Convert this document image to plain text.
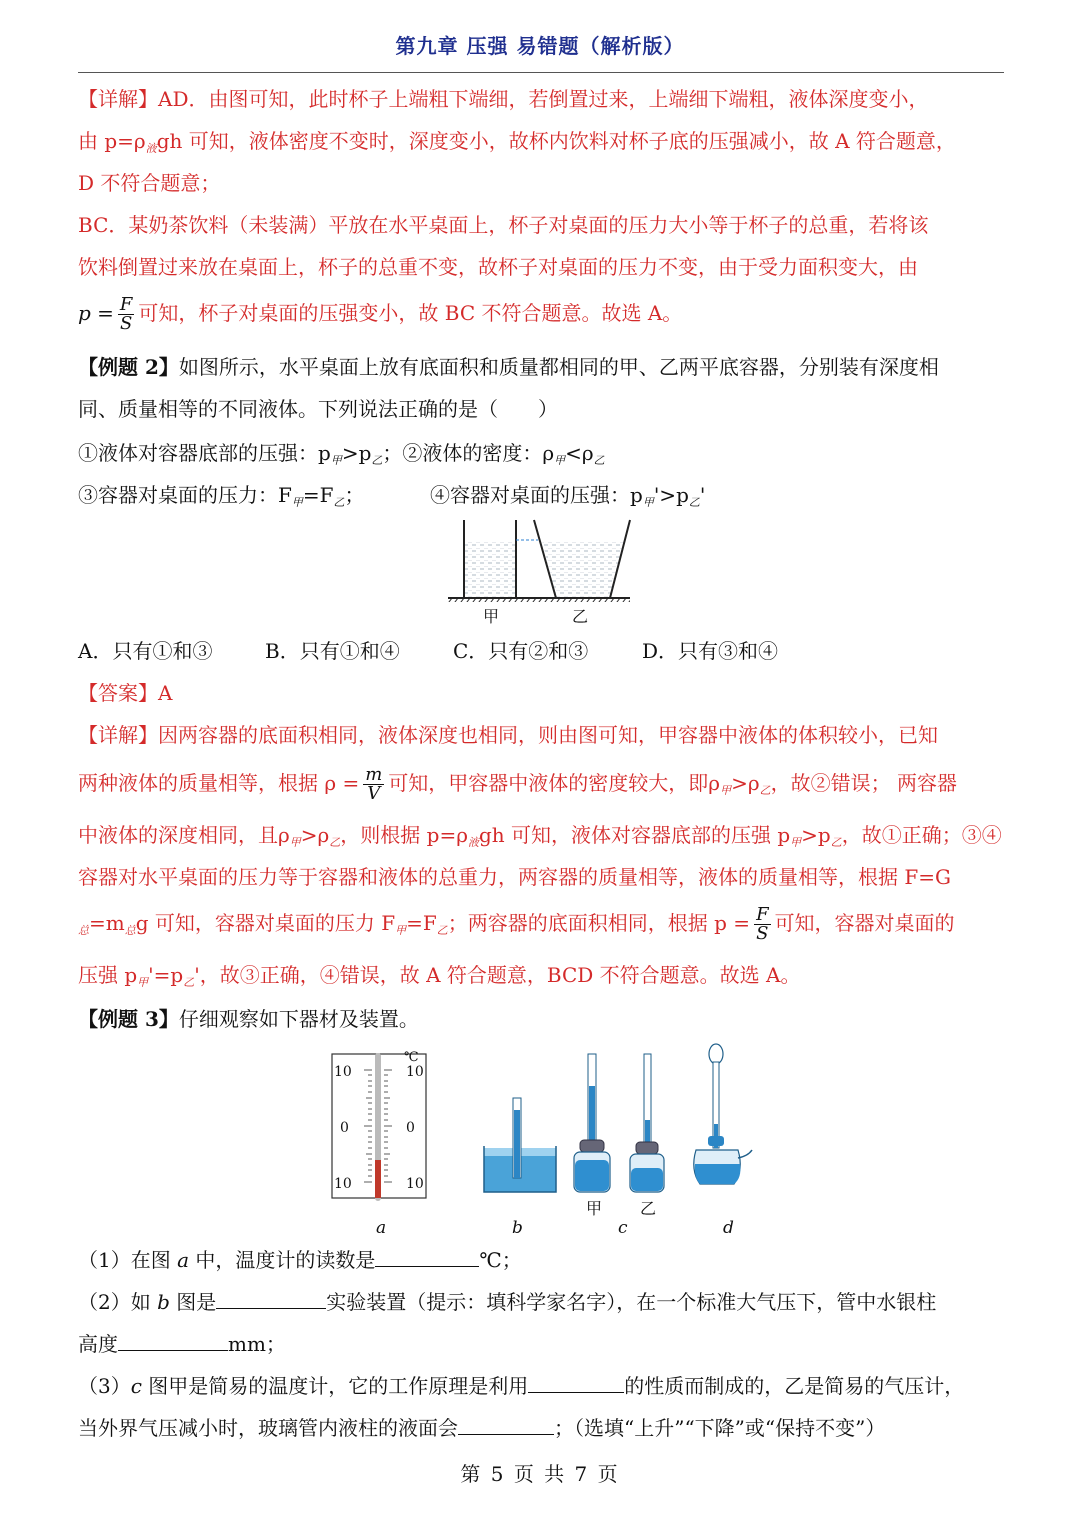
第九章 压强 易错题（解析版）
【详解】AD．由图可知，此时杯子上端粗下端细，若倒置过来，上端细下端粗，液体深度变小，
由 $p=\rho_液gh$ 可知，液体密度不变时，深度变小，故杯内饮料对杯子底的压强减小，故 A 符合题意，
D 不符合题意；
BC．某奶茶饮料（未装满）平放在水平桌面上，杯子对桌面的压力大小等于杯子的总重，若将该
饮料倒置过来放在桌面上，杯子的总重不变，故杯子对桌面的压力不变，由于受力面积变大，由
$p = \frac{F}{S}$ 可知，杯子对桌面的压强变小，故 BC 不符合题意。故选 A。
【例题 2】如图所示，水平桌面上放有底面积和质量都相同的甲、乙两平底容器，分别装有深度相
同、质量相等的不同液体。下列说法正确的是（　　）
①液体对容器底部的压强：$p_甲>p_乙$；②液体的密度：$\rho_甲<\rho_乙$
③容器对桌面的压力：$F_甲=F_乙$；	④容器对桌面的压强：$p_甲'>p_乙'$
甲	乙
A．只有①和③	B．只有①和④	C．只有②和③	D．只有③和④
【答案】A
【详解】因两容器的底面积相同，液体深度也相同，则由图可知，甲容器中液体的体积较小，已知
两种液体的质量相等，根据 $\rho = \frac{m}{V}$ 可知，甲容器中液体的密度较大，即$\rho_甲>\rho_乙$，故②错误； 两容器
中液体的深度相同，且$\rho_甲>\rho_乙$，则根据 $p=\rho_液gh$ 可知，液体对容器底部的压强 $p_甲>p_乙$，故①正确；③④
容器对水平桌面的压力等于容器和液体的总重力，两容器的质量相等，液体的质量相等，根据 F=G
$_总=m_总g$ 可知，容器对桌面的压力 $F_甲=F_乙$；两容器的底面积相同，根据 $p = \frac{F}{S}$ 可知，容器对桌面的
压强 $p_甲'=p_乙'$，故③正确，④错误，故 A 符合题意，BCD 不符合题意。故选 A。
【例题 3】仔细观察如下器材及装置。
℃
10	10
0	0
10	10
甲 乙
a	b	c	d
（1）在图 a 中，温度计的读数是	℃；
（2）如 b 图是	实验装置（提示：填科学家名字），在一个标准大气压下，管中水银柱
高度	mm；
（3）c 图甲是简易的温度计，它的工作原理是利用	的性质而制成的，乙是简易的气压计，
当外界气压减小时，玻璃管内液柱的液面会	；（选填“上升”“下降”或“保持不变”）
第 5 页 共 7 页
